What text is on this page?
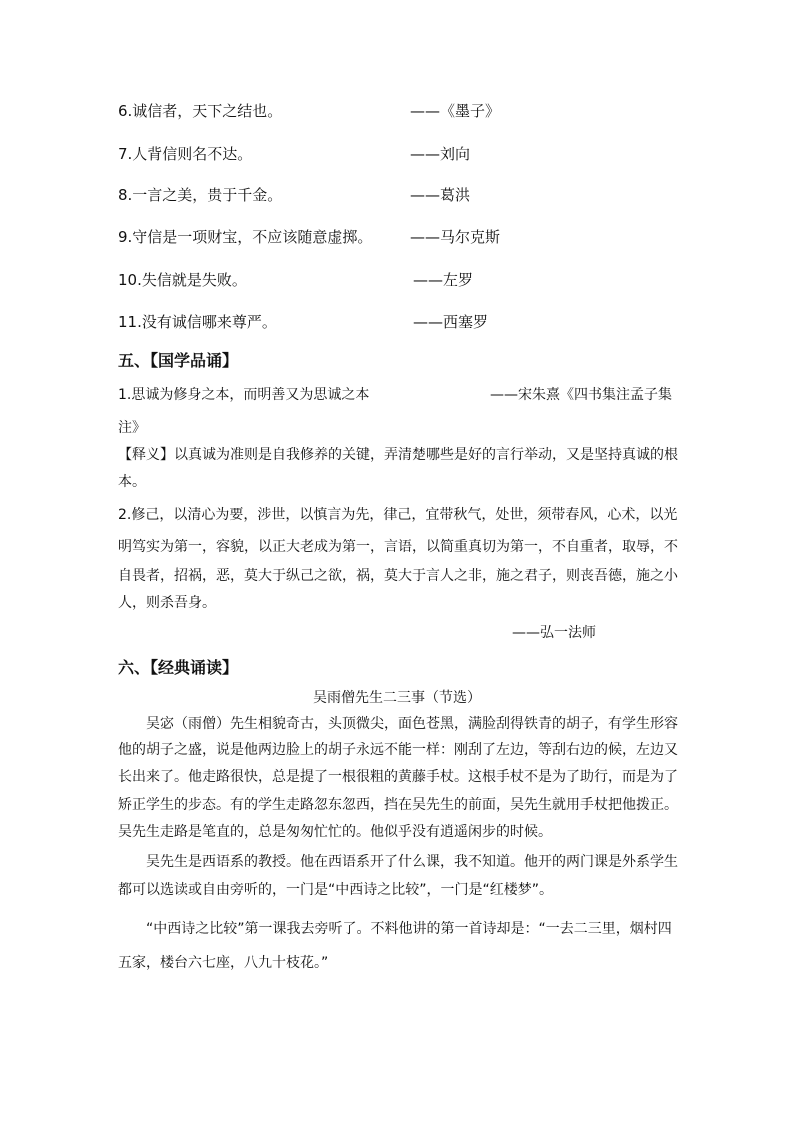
6.诚信者，天下之结也。	——《墨子》
7.人背信则名不达。	——刘向
8.一言之美，贵于千金。	——葛洪
9.守信是一项财宝，不应该随意虚掷。	——马尔克斯
10.失信就是失败。	——左罗
11.没有诚信哪来尊严。	——西塞罗
五、【国学品诵】
1.思诚为修身之本，而明善又为思诚之本	——宋朱熹《四书集注孟子集
注》
【释义】以真诚为准则是自我修养的关键，弄清楚哪些是好的言行举动，又是坚持真诚的根
本。
2.修己，以清心为要，涉世，以慎言为先，律己，宜带秋气，处世，须带春风，心术，以光
明笃实为第一，容貌，以正大老成为第一，言语，以简重真切为第一，不自重者，取辱，不
自畏者，招祸，恶，莫大于纵己之欲，祸，莫大于言人之非，施之君子，则丧吾德，施之小
人，则杀吾身。
——弘一法师
六、【经典诵读】
吴雨僧先生二三事（节选）
吴宓（雨僧）先生相貌奇古，头顶微尖，面色苍黑，满脸刮得铁青的胡子，有学生形容
他的胡子之盛，说是他两边脸上的胡子永远不能一样：刚刮了左边，等刮右边的候，左边又
长出来了。他走路很快，总是提了一根很粗的黄藤手杖。这根手杖不是为了助行，而是为了
矫正学生的步态。有的学生走路忽东忽西，挡在吴先生的前面，吴先生就用手杖把他拨正。
吴先生走路是笔直的，总是匆匆忙忙的。他似乎没有逍遥闲步的时候。
吴先生是西语系的教授。他在西语系开了什么课，我不知道。他开的两门课是外系学生
都可以选读或自由旁听的，一门是“中西诗之比较”，一门是“红楼梦”。
“中西诗之比较”第一课我去旁听了。不料他讲的第一首诗却是：“一去二三里，烟村四
五家，楼台六七座，八九十枝花。”
